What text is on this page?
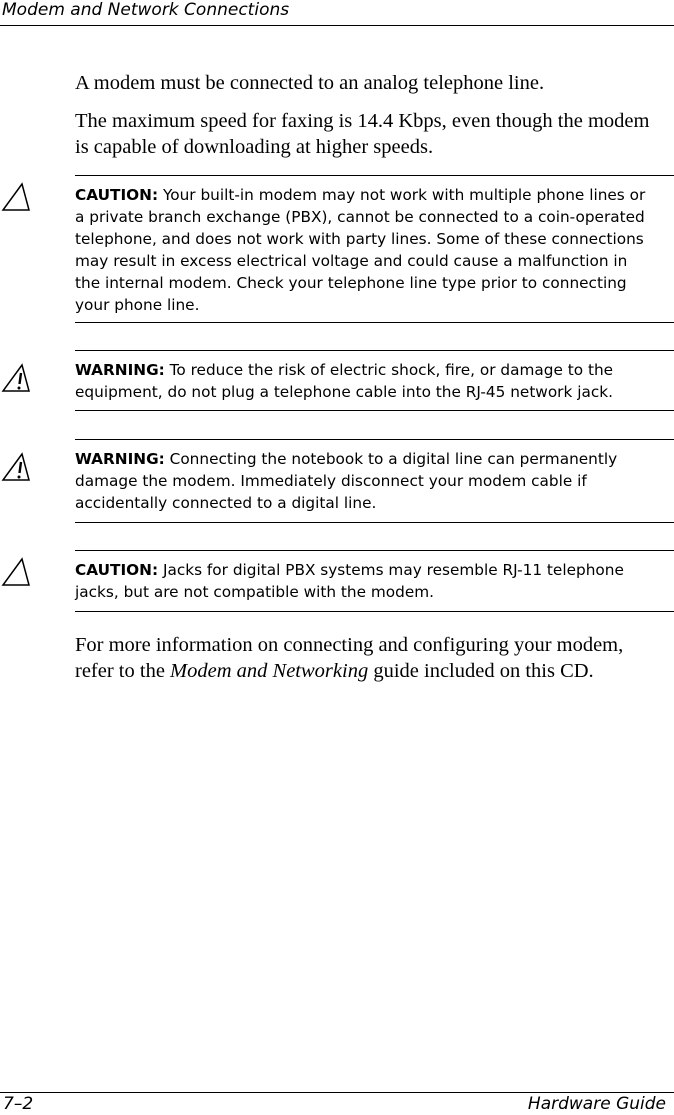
Modem and Network Connections
A modem must be connected to an analog telephone line.
The maximum speed for faxing is 14.4 Kbps, even though the modem is capable of downloading at higher speeds.
CAUTION: Your built-in modem may not work with multiple phone lines or a private branch exchange (PBX), cannot be connected to a coin-operated telephone, and does not work with party lines. Some of these connections may result in excess electrical voltage and could cause a malfunction in the internal modem. Check your telephone line type prior to connecting your phone line.
WARNING: To reduce the risk of electric shock, fire, or damage to the equipment, do not plug a telephone cable into the RJ-45 network jack.
WARNING: Connecting the notebook to a digital line can permanently damage the modem. Immediately disconnect your modem cable if accidentally connected to a digital line.
CAUTION: Jacks for digital PBX systems may resemble RJ-11 telephone jacks, but are not compatible with the modem.
For more information on connecting and configuring your modem, refer to the Modem and Networking guide included on this CD.
7–2	Hardware Guide
